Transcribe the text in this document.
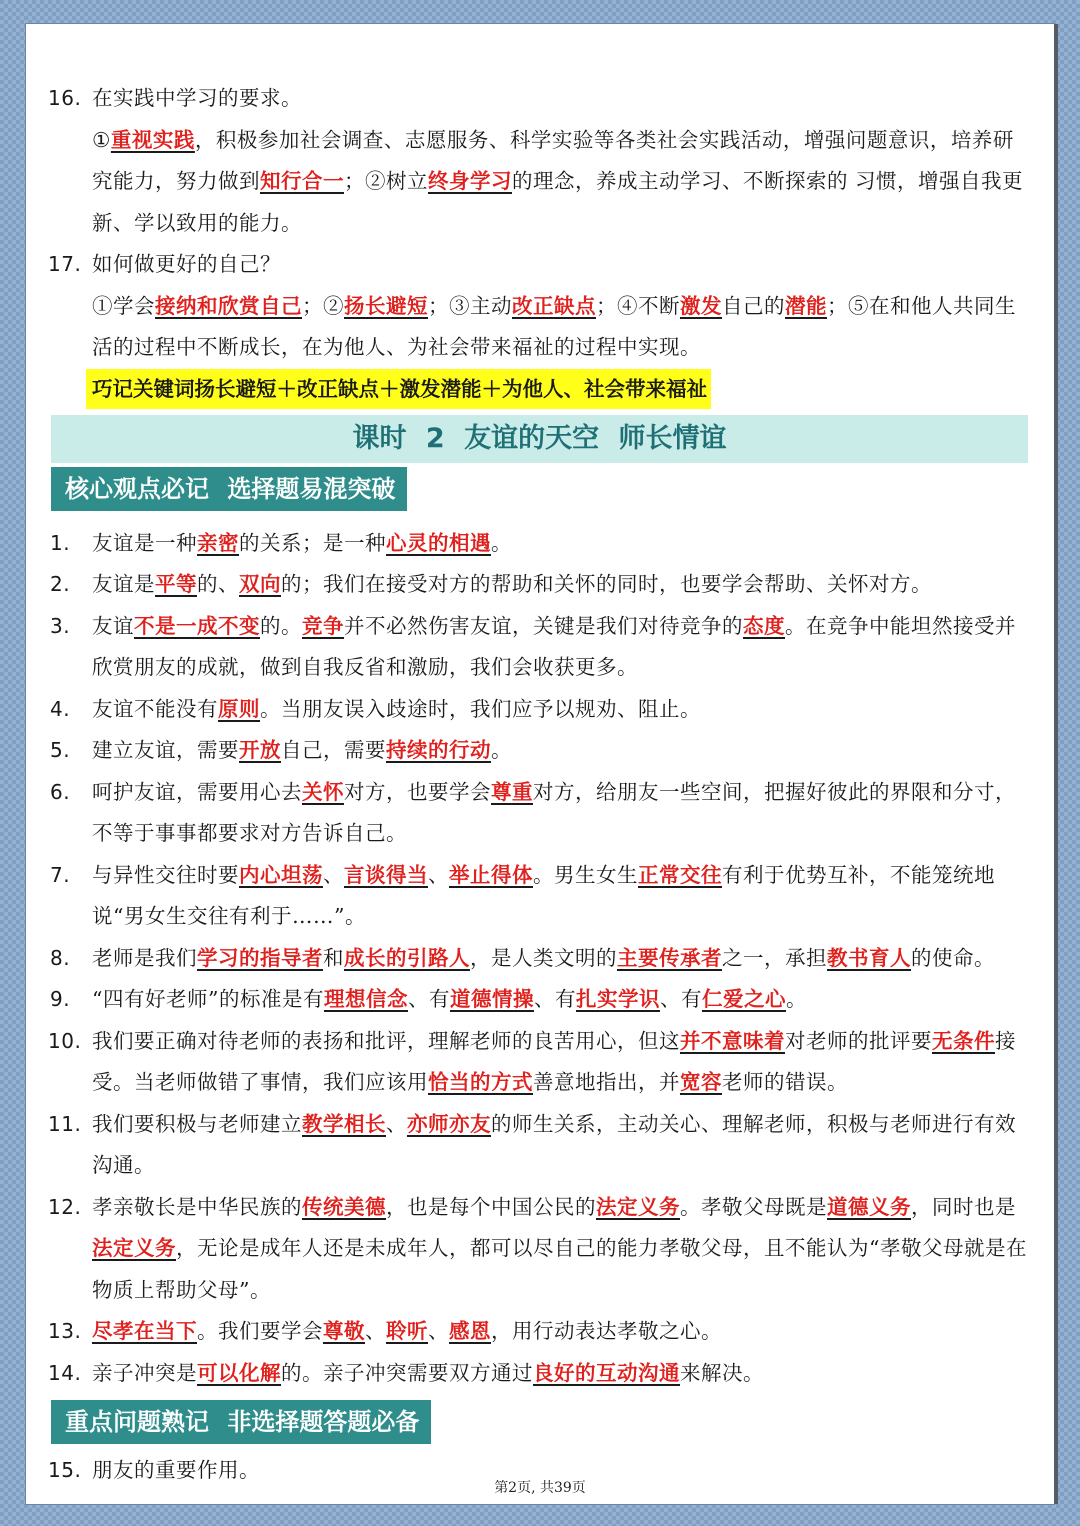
16. 在实践中学习的要求。
①重视实践，积极参加社会调查、志愿服务、科学实验等各类社会实践活动，增强问题意识，培养研究能力，努力做到知行合一；②树立终身学习的理念，养成主动学习、不断探索的 习惯，增强自我更新、学以致用的能力。
17. 如何做更好的自己？
①学会接纳和欣赏自己；②扬长避短；③主动改正缺点；④不断激发自己的潜能；⑤在和他人共同生活的过程中不断成长，在为他人、为社会带来福祉的过程中实现。
巧记关键词扬长避短＋改正缺点＋激发潜能＋为他人、社会带来福祉
课时 2 友谊的天空 师长情谊
核心观点必记 选择题易混突破
1. 友谊是一种亲密的关系；是一种心灵的相遇。
2. 友谊是平等的、双向的；我们在接受对方的帮助和关怀的同时，也要学会帮助、关怀对方。
3. 友谊不是一成不变的。竞争并不必然伤害友谊，关键是我们对待竞争的态度。在竞争中能坦然接受并欣赏朋友的成就，做到自我反省和激励，我们会收获更多。
4. 友谊不能没有原则。当朋友误入歧途时，我们应予以规劝、阻止。
5. 建立友谊，需要开放自己，需要持续的行动。
6. 呵护友谊，需要用心去关怀对方，也要学会尊重对方，给朋友一些空间，把握好彼此的界限和分寸，不等于事事都要求对方告诉自己。
7. 与异性交往时要内心坦荡、言谈得当、举止得体。男生女生正常交往有利于优势互补，不能笼统地说“男女生交往有利于……”。
8. 老师是我们学习的指导者和成长的引路人，是人类文明的主要传承者之一，承担教书育人的使命。
9. “四有好老师”的标准是有理想信念、有道德情操、有扎实学识、有仁爱之心。
10. 我们要正确对待老师的表扬和批评，理解老师的良苦用心，但这并不意味着对老师的批评要无条件接受。当老师做错了事情，我们应该用恰当的方式善意地指出，并宽容老师的错误。
11. 我们要积极与老师建立教学相长、亦师亦友的师生关系，主动关心、理解老师，积极与老师进行有效沟通。
12. 孝亲敬长是中华民族的传统美德，也是每个中国公民的法定义务。孝敬父母既是道德义务，同时也是法定义务，无论是成年人还是未成年人，都可以尽自己的能力孝敬父母，且不能认为“孝敬父母就是在物质上帮助父母”。
13. 尽孝在当下。我们要学会尊敬、聆听、感恩，用行动表达孝敬之心。
14. 亲子冲突是可以化解的。亲子冲突需要双方通过良好的互动沟通来解决。
重点问题熟记 非选择题答题必备
15. 朋友的重要作用。
第2页, 共39页
